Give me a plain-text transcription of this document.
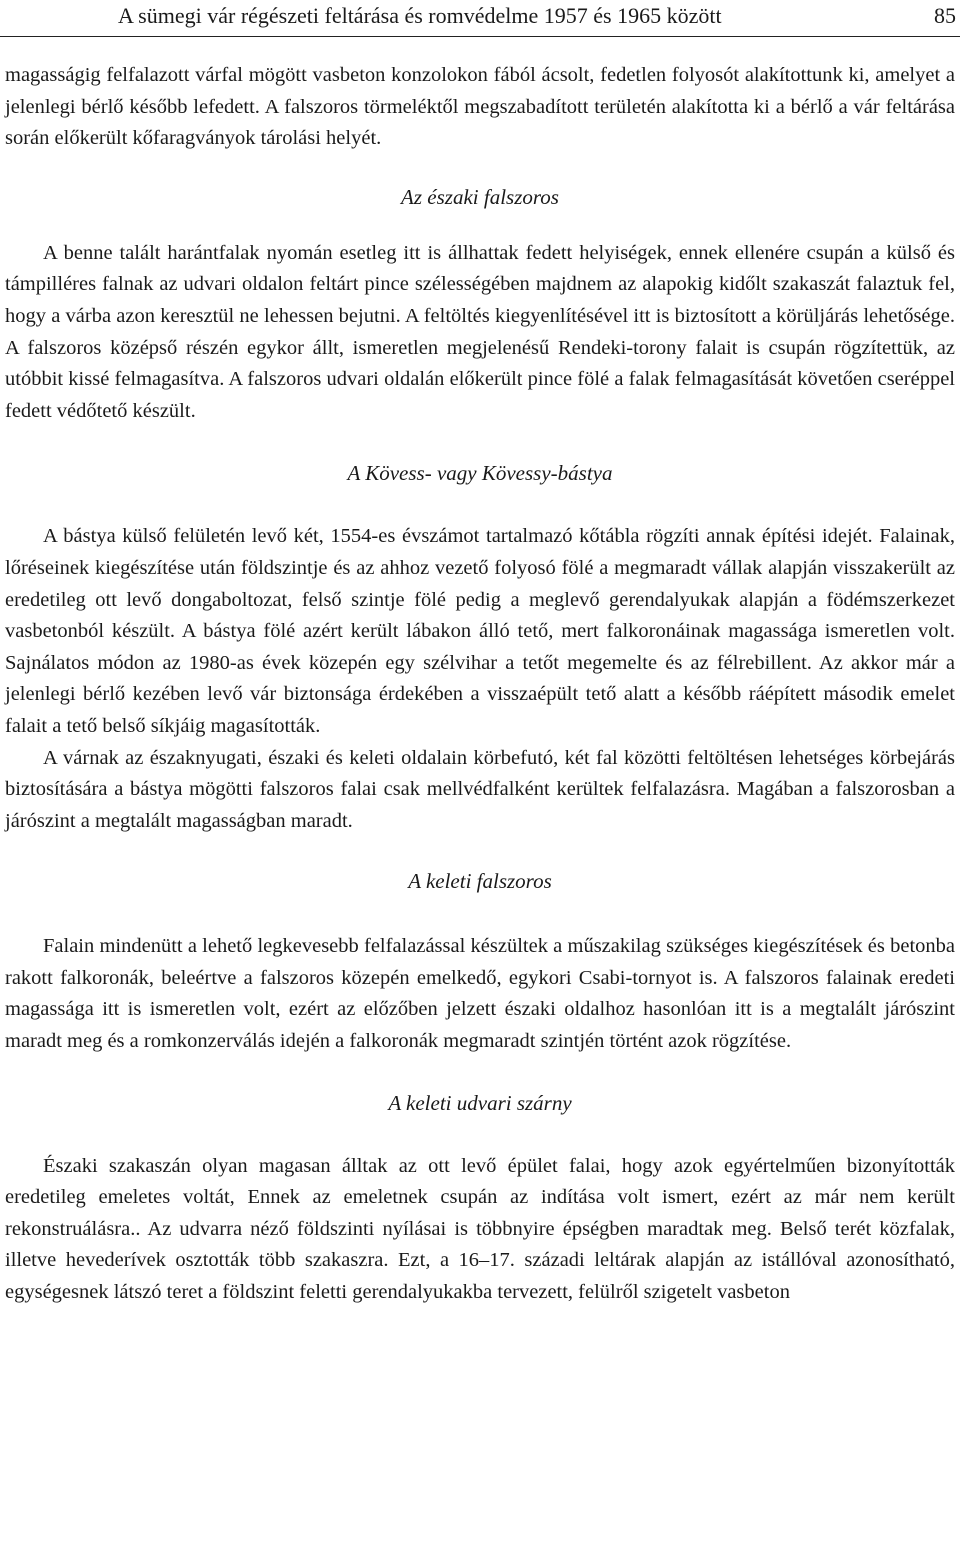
A sümegi vár régészeti feltárása és romvédelme 1957 és 1965 között	85

magasságig felfalazott várfal mögött vasbeton konzolokon fából ácsolt, fedetlen folyosót alakítottunk ki, amelyet a jelenlegi bérlő később lefedett. A falszoros törmeléktől megszabadított területén alakította ki a bérlő a vár feltárása során előkerült kőfaragványok tárolási helyét.

Az északi falszoros

A benne talált harántfalak nyomán esetleg itt is állhattak fedett helyiségek, ennek ellenére csupán a külső és támpilléres falnak az udvari oldalon feltárt pince szélességében majdnem az alapokig kidőlt szakaszát falaztuk fel, hogy a várba azon keresztül ne lehessen bejutni. A feltöltés kiegyenlítésével itt is biztosított a körüljárás lehetősége. A falszoros középső részén egykor állt, ismeretlen megjelenésű Rendeki-torony falait is csupán rögzítettük, az utóbbit kissé felmagasítva. A falszoros udvari oldalán előkerült pince fölé a falak felmagasítását követően cseréppel fedett védőtető készült.

A Kövess- vagy Kövessy-bástya

A bástya külső felületén levő két, 1554-es évszámot tartalmazó kőtábla rögzíti annak építési idejét. Falainak, lőréseinek kiegészítése után földszintje és az ahhoz vezető folyosó fölé a megmaradt vállak alapján visszakerült az eredetileg ott levő dongaboltozat, felső szintje fölé pedig a meglevő gerendalyukak alapján a födémszerkezet vasbetonból készült. A bástya fölé azért került lábakon álló tető, mert falkoronáinak magassága ismeretlen volt. Sajnálatos módon az 1980-as évek közepén egy szélvihar a tetőt megemelte és az félrebillent. Az akkor már a jelenlegi bérlő kezében levő vár biztonsága érdekében a visszaépült tető alatt a később ráépített második emelet falait a tető belső síkjáig magasították.

A várnak az északnyugati, északi és keleti oldalain körbefutó, két fal közötti feltöltésen lehetséges körbejárás biztosítására a bástya mögötti falszoros falai csak mellvédfalként kerültek felfalazásra. Magában a falszorosban a járószint a megtalált magasságban maradt.

A keleti falszoros

Falain mindenütt a lehető legkevesebb felfalazással készültek a műszakilag szükséges kiegészítések és betonba rakott falkoronák, beleértve a falszoros közepén emelkedő, egykori Csabi-tornyot is. A falszoros falainak eredeti magassága itt is ismeretlen volt, ezért az előzőben jelzett északi oldalhoz hasonlóan itt is a megtalált járószint maradt meg és a romkonzerválás idején a falkoronák megmaradt szintjén történt azok rögzítése.

A keleti udvari szárny

Északi szakaszán olyan magasan álltak az ott levő épület falai, hogy azok egyértelműen bizonyították eredetileg emeletes voltát, Ennek az emeletnek csupán az indítása volt ismert, ezért az már nem került rekonstruálásra.. Az udvarra néző földszinti nyílásai is többnyire épségben maradtak meg. Belső terét közfalak, illetve hevederívek osztották több szakaszra. Ezt, a 16–17. századi leltárak alapján az istállóval azonosítható, egységesnek látszó teret a földszint feletti gerendalyukakba tervezett, felülről szigetelt vasbeton
